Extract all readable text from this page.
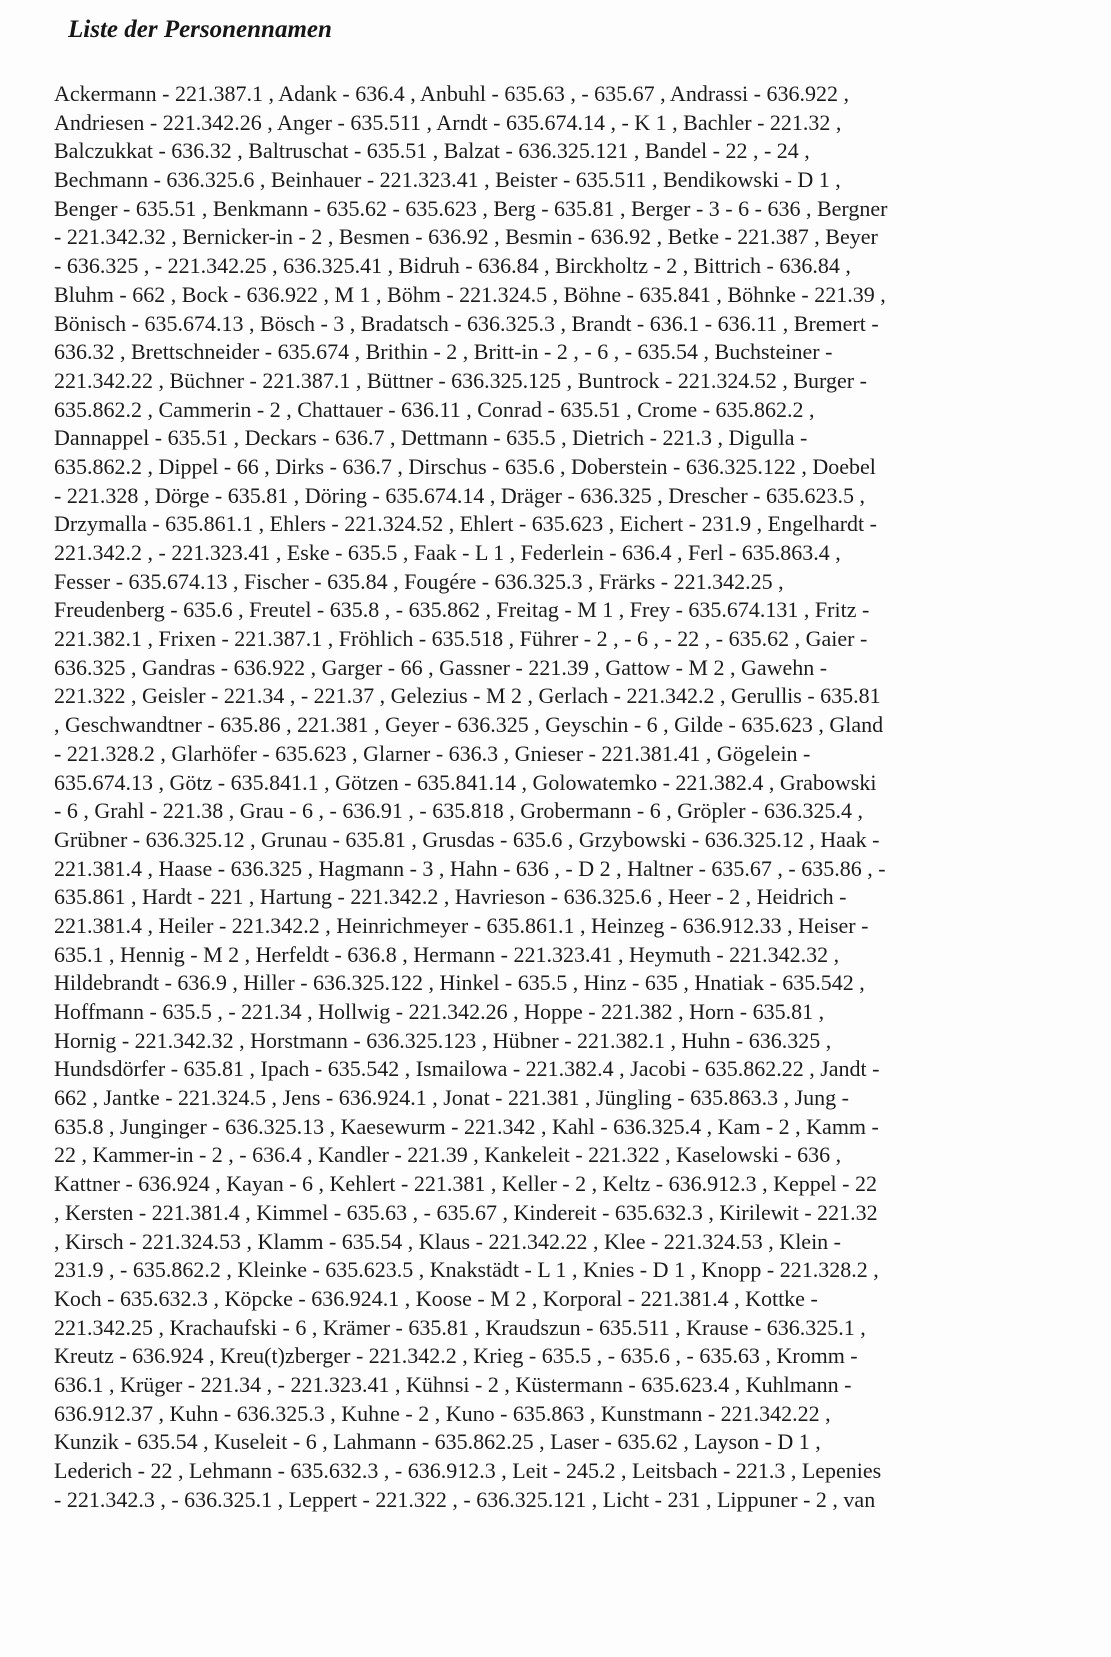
Liste der Personennamen
Ackermann - 221.387.1 , Adank - 636.4 , Anbuhl - 635.63 , - 635.67 , Andrassi - 636.922 ,
Andriesen - 221.342.26 , Anger - 635.511 , Arndt - 635.674.14 , - K 1 , Bachler - 221.32 ,
Balczukkat - 636.32 , Baltruschat - 635.51 , Balzat - 636.325.121 , Bandel - 22 , - 24 ,
Bechmann - 636.325.6 , Beinhauer - 221.323.41 , Beister - 635.511 , Bendikowski - D 1 ,
Benger - 635.51 , Benkmann - 635.62 - 635.623 , Berg - 635.81 , Berger - 3 - 6 - 636 , Bergner
- 221.342.32 , Bernicker-in - 2 , Besmen - 636.92 , Besmin - 636.92 , Betke - 221.387 , Beyer
- 636.325 , - 221.342.25 , 636.325.41 , Bidruh - 636.84 , Birckholtz - 2 , Bittrich - 636.84 ,
Bluhm - 662 , Bock - 636.922 , M 1 , Böhm - 221.324.5 , Böhne - 635.841 , Böhnke - 221.39 ,
Bönisch - 635.674.13 , Bösch - 3 , Bradatsch - 636.325.3 , Brandt - 636.1 - 636.11 , Bremert -
636.32 , Brettschneider - 635.674 , Brithin - 2 , Britt-in - 2 , - 6 , - 635.54 , Buchsteiner -
221.342.22 , Büchner - 221.387.1 , Büttner - 636.325.125 , Buntrock - 221.324.52 , Burger -
635.862.2 , Cammerin - 2 , Chattauer - 636.11 , Conrad - 635.51 , Crome - 635.862.2 ,
Dannappel - 635.51 , Deckars - 636.7 , Dettmann - 635.5 , Dietrich - 221.3 , Digulla -
635.862.2 , Dippel - 66 , Dirks - 636.7 , Dirschus - 635.6 , Doberstein - 636.325.122 , Doebel
- 221.328 , Dörge - 635.81 , Döring - 635.674.14 , Dräger - 636.325 , Drescher - 635.623.5 ,
Drzymalla - 635.861.1 , Ehlers - 221.324.52 , Ehlert - 635.623 , Eichert - 231.9 , Engelhardt -
221.342.2 , - 221.323.41 , Eske - 635.5 , Faak - L 1 , Federlein - 636.4 , Ferl - 635.863.4 ,
Fesser - 635.674.13 , Fischer - 635.84 , Fougére - 636.325.3 , Frärks - 221.342.25 ,
Freudenberg - 635.6 , Freutel - 635.8 , - 635.862 , Freitag - M 1 , Frey - 635.674.131 , Fritz -
221.382.1 , Frixen - 221.387.1 , Fröhlich - 635.518 , Führer - 2 , - 6 , - 22 , - 635.62 , Gaier -
636.325 , Gandras - 636.922 , Garger - 66 , Gassner - 221.39 , Gattow - M 2 , Gawehn -
221.322 , Geisler - 221.34 , - 221.37 , Gelezius - M 2 , Gerlach - 221.342.2 , Gerullis - 635.81
, Geschwandtner - 635.86 , 221.381 , Geyer - 636.325 , Geyschin - 6 , Gilde - 635.623 , Gland
- 221.328.2 , Glarhöfer - 635.623 , Glarner - 636.3 , Gnieser - 221.381.41 , Gögelein -
635.674.13 , Götz - 635.841.1 , Götzen - 635.841.14 , Golowatemko - 221.382.4 , Grabowski
- 6 , Grahl - 221.38 , Grau - 6 , - 636.91 , - 635.818 , Grobermann - 6 , Gröpler - 636.325.4 ,
Grübner - 636.325.12 , Grunau - 635.81 , Grusdas - 635.6 , Grzybowski - 636.325.12 , Haak -
221.381.4 , Haase - 636.325 , Hagmann - 3 , Hahn - 636 , - D 2 , Haltner - 635.67 , - 635.86 , -
635.861 , Hardt - 221 , Hartung - 221.342.2 , Havrieson - 636.325.6 , Heer - 2 , Heidrich -
221.381.4 , Heiler - 221.342.2 , Heinrichmeyer - 635.861.1 , Heinzeg - 636.912.33 , Heiser -
635.1 , Hennig - M 2 , Herfeldt - 636.8 , Hermann - 221.323.41 , Heymuth - 221.342.32 ,
Hildebrandt - 636.9 , Hiller - 636.325.122 , Hinkel - 635.5 , Hinz - 635 , Hnatiak - 635.542 ,
Hoffmann - 635.5 , - 221.34 , Hollwig - 221.342.26 , Hoppe - 221.382 , Horn - 635.81 ,
Hornig - 221.342.32 , Horstmann - 636.325.123 , Hübner - 221.382.1 , Huhn - 636.325 ,
Hundsdörfer - 635.81 , Ipach - 635.542 , Ismailowa - 221.382.4 , Jacobi - 635.862.22 , Jandt -
662 , Jantke - 221.324.5 , Jens - 636.924.1 , Jonat - 221.381 , Jüngling - 635.863.3 , Jung -
635.8 , Junginger - 636.325.13 , Kaesewurm - 221.342 , Kahl - 636.325.4 , Kam - 2 , Kamm -
22 , Kammer-in - 2 , - 636.4 , Kandler - 221.39 , Kankeleit - 221.322 , Kaselowski - 636 ,
Kattner - 636.924 , Kayan - 6 , Kehlert - 221.381 , Keller - 2 , Keltz - 636.912.3 , Keppel - 22
, Kersten - 221.381.4 , Kimmel - 635.63 , - 635.67 , Kindereit - 635.632.3 , Kirilewit - 221.32
, Kirsch - 221.324.53 , Klamm - 635.54 , Klaus - 221.342.22 , Klee - 221.324.53 , Klein -
231.9 , - 635.862.2 , Kleinke - 635.623.5 , Knakstädt - L 1 , Knies - D 1 , Knopp - 221.328.2 ,
Koch - 635.632.3 , Köpcke - 636.924.1 , Koose - M 2 , Korporal - 221.381.4 , Kottke -
221.342.25 , Krachaufski - 6 , Krämer - 635.81 , Kraudszun - 635.511 , Krause - 636.325.1 ,
Kreutz - 636.924 , Kreu(t)zberger - 221.342.2 , Krieg - 635.5 , - 635.6 , - 635.63 , Kromm -
636.1 , Krüger - 221.34 , - 221.323.41 , Kühnsi - 2 , Küstermann - 635.623.4 , Kuhlmann -
636.912.37 , Kuhn - 636.325.3 , Kuhne - 2 , Kuno - 635.863 , Kunstmann - 221.342.22 ,
Kunzik - 635.54 , Kuseleit - 6 , Lahmann - 635.862.25 , Laser - 635.62 , Layson - D 1 ,
Lederich - 22 , Lehmann - 635.632.3 , - 636.912.3 , Leit - 245.2 , Leitsbach - 221.3 , Lepenies
- 221.342.3 , - 636.325.1 , Leppert - 221.322 , - 636.325.121 , Licht - 231 , Lippuner - 2 , van
